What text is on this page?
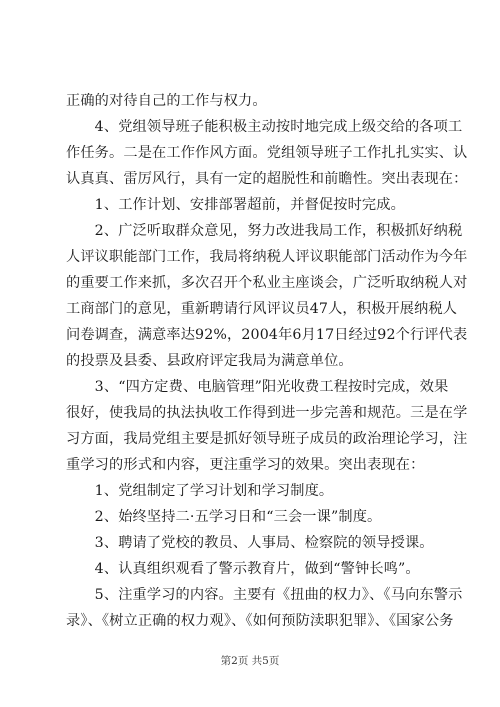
正确的对待自己的工作与权力。
　　4、党组领导班子能积极主动按时地完成上级交给的各项工
作任务。二是在工作作风方面。党组领导班子工作扎扎实实、认
认真真、雷厉风行，具有一定的超脱性和前瞻性。突出表现在：
　　1、工作计划、安排部署超前，并督促按时完成。
　　2、广泛听取群众意见，努力改进我局工作，积极抓好纳税
人评议职能部门工作，我局将纳税人评议职能部门活动作为今年
的重要工作来抓，多次召开个私业主座谈会，广泛听取纳税人对
工商部门的意见，重新聘请行风评议员47人，积极开展纳税人
问卷调查，满意率达92%，2004年6月17日经过92个行评代表
的投票及县委、县政府评定我局为满意单位。
　　3、“四方定费、电脑管理”阳光收费工程按时完成，效果
很好，使我局的执法执收工作得到进一步完善和规范。三是在学
习方面，我局党组主要是抓好领导班子成员的政治理论学习，注
重学习的形式和内容，更注重学习的效果。突出表现在：
　　1、党组制定了学习计划和学习制度。
　　2、始终坚持二·五学习日和“三会一课”制度。
　　3、聘请了党校的教员、人事局、检察院的领导授课。
　　4、认真组织观看了警示教育片，做到“警钟长鸣”。
　　5、注重学习的内容。主要有《扭曲的权力》、《马向东警示
录》、《树立正确的权力观》、《如何预防渎职犯罪》、《国家公务
第2页 共5页
